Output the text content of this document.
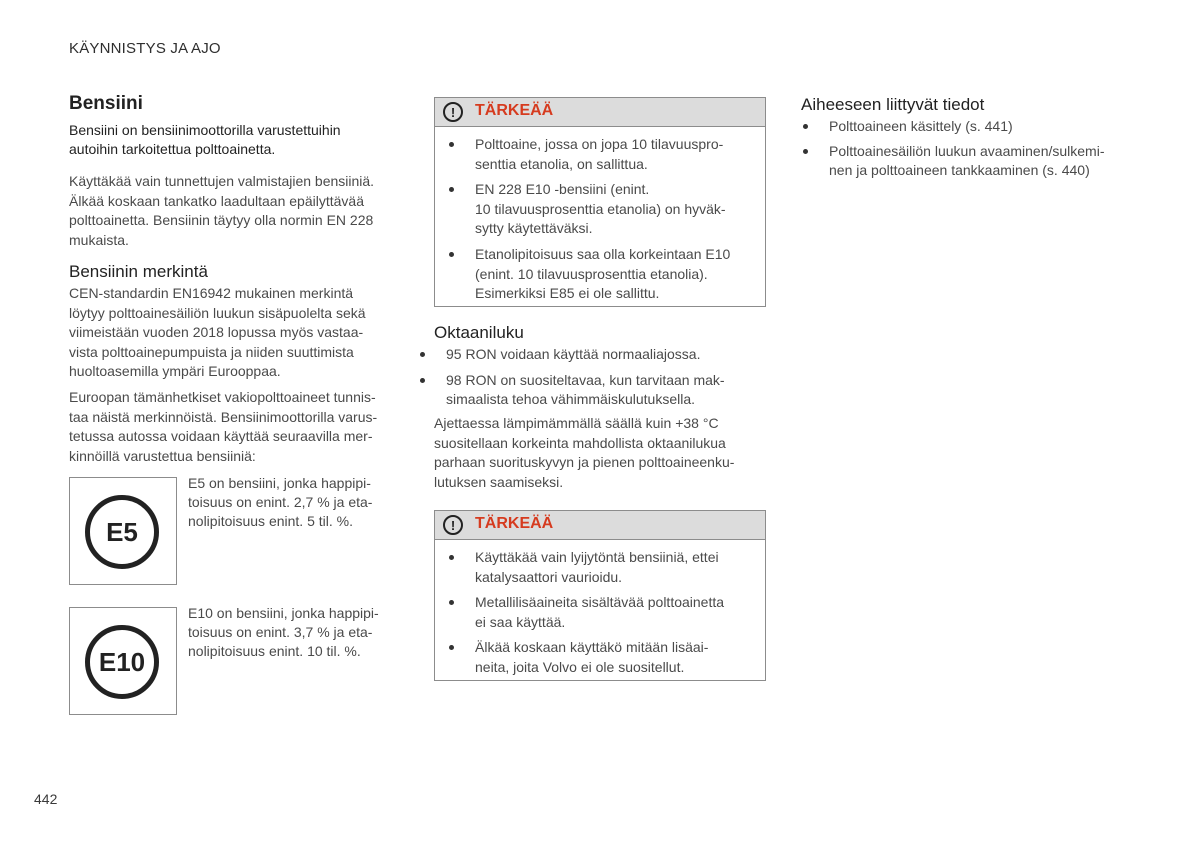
KÄYNNISTYS JA AJO
Bensiini
Bensiini on bensiinimoottorilla varustettuihin
autoihin tarkoitettua polttoainetta.
Käyttäkää vain tunnettujen valmistajien bensiiniä.
Älkää koskaan tankatko laadultaan epäilyttävää
polttoainetta. Bensiinin täytyy olla normin EN 228
mukaista.
Bensiinin merkintä
CEN-standardin EN16942 mukainen merkintä
löytyy polttoainesäiliön luukun sisäpuolelta sekä
viimeistään vuoden 2018 lopussa myös vastaa-
vista polttoainepumpuista ja niiden suuttimista
huoltoasemilla ympäri Eurooppaa.
Euroopan tämänhetkiset vakiopolttoaineet tunnis-
taa näistä merkinnöistä. Bensiinimoottorilla varus-
tetussa autossa voidaan käyttää seuraavilla mer-
kinnöillä varustettua bensiiniä:
E5
E5 on bensiini, jonka happipi-
toisuus on enint. 2,7 % ja eta-
nolipitoisuus enint. 5 til. %.
E10
E10 on bensiini, jonka happipi-
toisuus on enint. 3,7 % ja eta-
nolipitoisuus enint. 10 til. %.
!	TÄRKEÄÄ
Polttoaine, jossa on jopa 10 tilavuuspro-
senttia etanolia, on sallittua.
EN 228 E10 -bensiini (enint.
10 tilavuusprosenttia etanolia) on hyväk-
sytty käytettäväksi.
Etanolipitoisuus saa olla korkeintaan E10
(enint. 10 tilavuusprosenttia etanolia).
Esimerkiksi E85 ei ole sallittu.
Oktaaniluku
95 RON voidaan käyttää normaaliajossa.
98 RON on suositeltavaa, kun tarvitaan mak-
simaalista tehoa vähimmäiskulutuksella.
Ajettaessa lämpimämmällä säällä kuin +38 °C
suositellaan korkeinta mahdollista oktaanilukua
parhaan suorituskyvyn ja pienen polttoaineenku-
lutuksen saamiseksi.
!	TÄRKEÄÄ
Käyttäkää vain lyijytöntä bensiiniä, ettei
katalysaattori vaurioidu.
Metallilisäaineita sisältävää polttoainetta
ei saa käyttää.
Älkää koskaan käyttäkö mitään lisäai-
neita, joita Volvo ei ole suositellut.
Aiheeseen liittyvät tiedot
Polttoaineen käsittely (s. 441)
Polttoainesäiliön luukun avaaminen/sulkemi-
nen ja polttoaineen tankkaaminen (s. 440)
442
